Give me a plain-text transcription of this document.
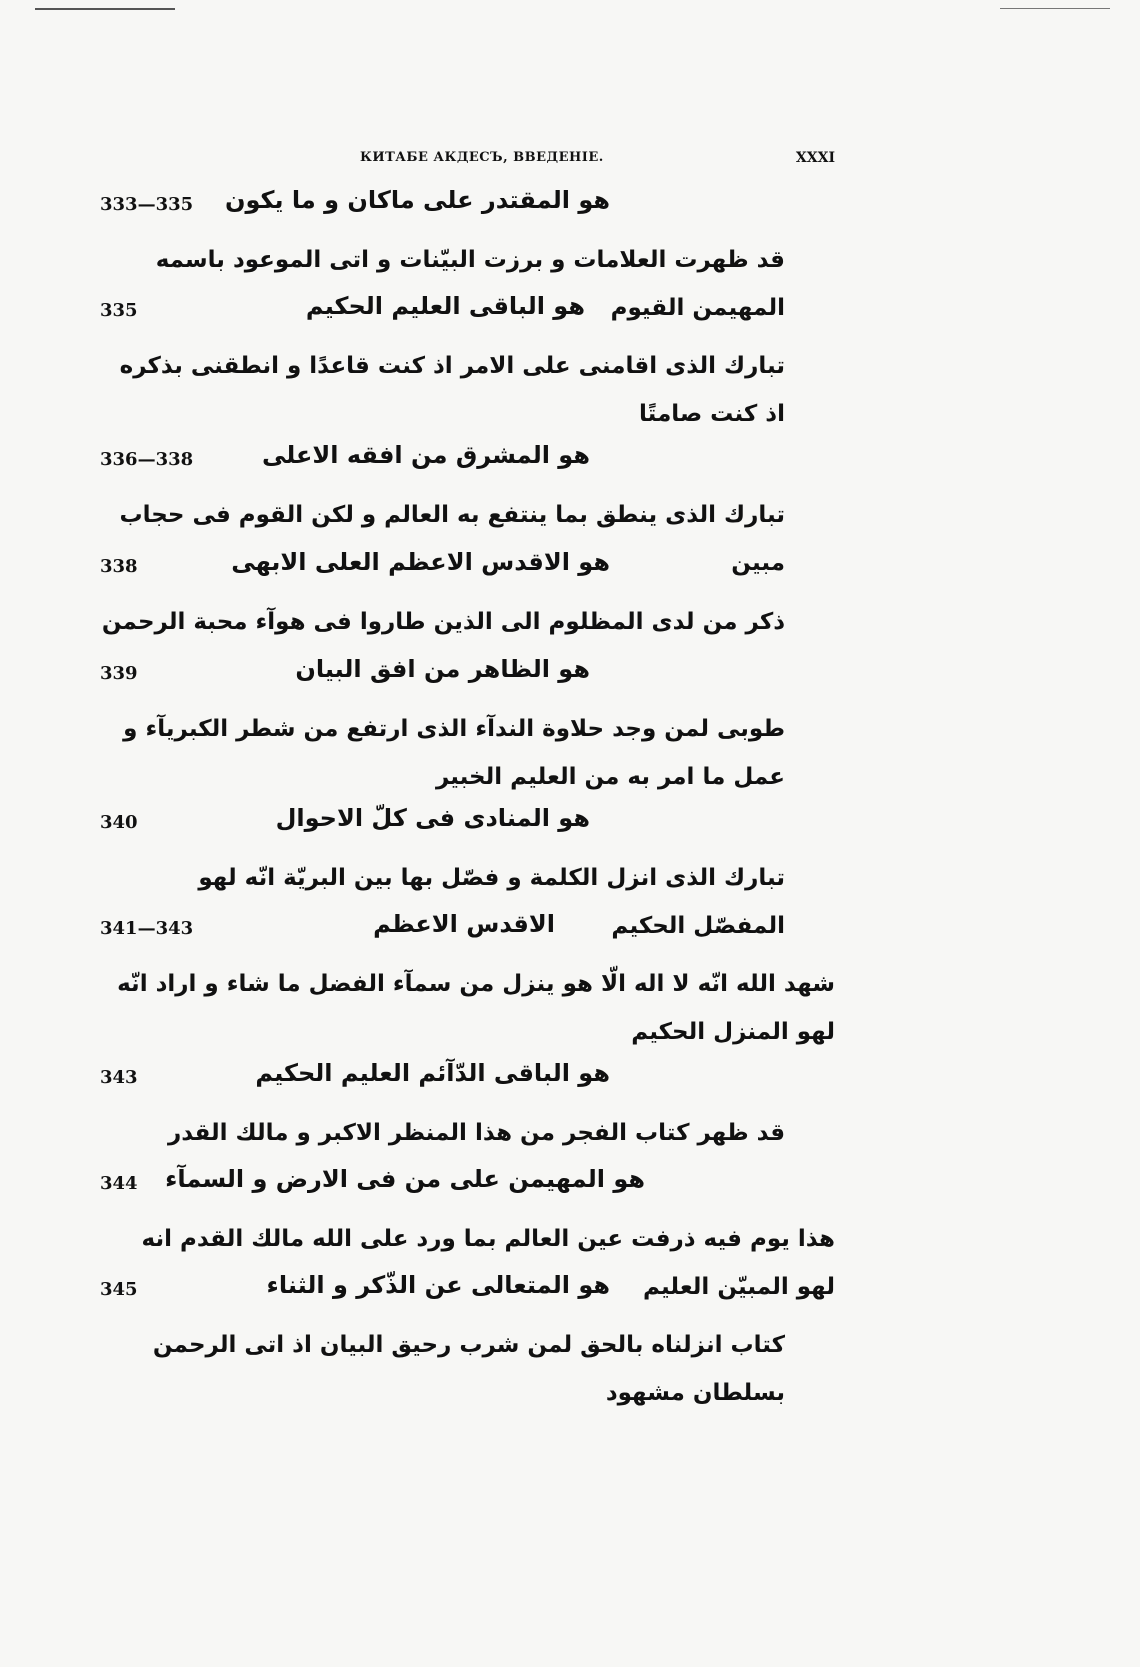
КИТАБЕ АКДЕСЪ, ВВЕДЕНІЕ.	XXXI
333—335 هو المقتدر على ماكان و ما يكون
قد ظهرت العلامات و برزت البيّنات و اتى الموعود باسمه المهيمن القيوم
335	هو الباقى العليم الحكيم
تبارك الذى اقامنى على الامر اذ كنت قاعدًا و انطقنى بذكره اذ كنت صامتًا
336—338	هو المشرق من افقه الاعلى
تبارك الذى ينطق بما ينتفع به العالم و لكن القوم فى حجاب مبين
338	هو الاقدس الاعظم العلى الابهى
ذكر من لدى المظلوم الى الذين طاروا فى هوآء محبة الرحمن
339	هو الظاهر من افق البيان
طوبى لمن وجد حلاوة الندآء الذى ارتفع من شطر الكبريآء و عمل ما امر به من العليم الخبير
340	هو المنادى فى كلّ الاحوال
تبارك الذى انزل الكلمة و فصّل بها بين البريّة انّه لهو المفصّل الحكيم
341—343	الاقدس الاعظم
شهد الله انّه لا اله الّا هو ينزل من سمآء الفضل ما شاء و اراد انّه لهو المنزل الحكيم
343	هو الباقى الدّآئم العليم الحكيم
قد ظهر كتاب الفجر من هذا المنظر الاكبر و مالك القدر
344 هو المهيمن على من فى الارض و السمآء
هذا يوم فيه ذرفت عين العالم بما ورد على الله مالك القدم انه لهو المبيّن العليم
345	هو المتعالى عن الذّكر و الثناء
كتاب انزلناه بالحق لمن شرب رحيق البيان اذ اتى الرحمن بسلطان مشهود
